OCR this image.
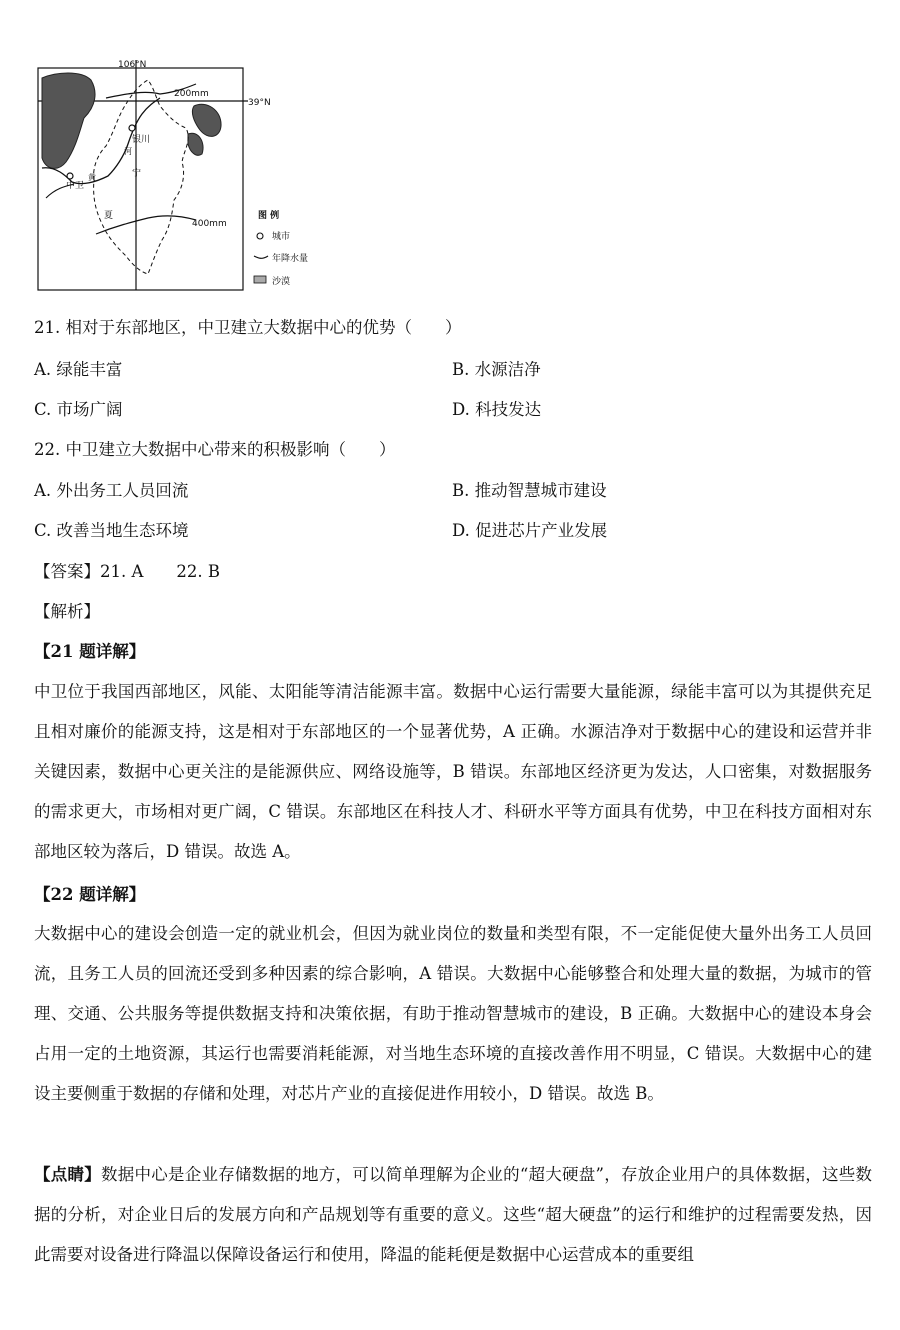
106°N
39°N
200mm
400mm
银川
中卫
宁
夏
黄
河
图 例
城市
年降水量
沙漠
21. 相对于东部地区，中卫建立大数据中心的优势（　　）
A. 绿能丰富	B. 水源洁净
C. 市场广阔	D. 科技发达
22. 中卫建立大数据中心带来的积极影响（　　）
A. 外出务工人员回流	B. 推动智慧城市建设
C. 改善当地生态环境	D. 促进芯片产业发展
【答案】21. A　　22. B
【解析】
【21 题详解】
中卫位于我国西部地区，风能、太阳能等清洁能源丰富。数据中心运行需要大量能源，绿能丰富可以为其提供充足且相对廉价的能源支持，这是相对于东部地区的一个显著优势，A 正确。水源洁净对于数据中心的建设和运营并非关键因素，数据中心更关注的是能源供应、网络设施等，B 错误。东部地区经济更为发达，人口密集，对数据服务的需求更大，市场相对更广阔，C 错误。东部地区在科技人才、科研水平等方面具有优势，中卫在科技方面相对东部地区较为落后，D 错误。故选 A。
【22 题详解】
大数据中心的建设会创造一定的就业机会，但因为就业岗位的数量和类型有限，不一定能促使大量外出务工人员回流，且务工人员的回流还受到多种因素的综合影响，A 错误。大数据中心能够整合和处理大量的数据，为城市的管理、交通、公共服务等提供数据支持和决策依据，有助于推动智慧城市的建设，B 正确。大数据中心的建设本身会占用一定的土地资源，其运行也需要消耗能源，对当地生态环境的直接改善作用不明显，C 错误。大数据中心的建设主要侧重于数据的存储和处理，对芯片产业的直接促进作用较小，D 错误。故选 B。
【点睛】数据中心是企业存储数据的地方，可以简单理解为企业的“超大硬盘”，存放企业用户的具体数据，这些数据的分析，对企业日后的发展方向和产品规划等有重要的意义。这些“超大硬盘”的运行和维护的过程需要发热，因此需要对设备进行降温以保障设备运行和使用，降温的能耗便是数据中心运营成本的重要组
